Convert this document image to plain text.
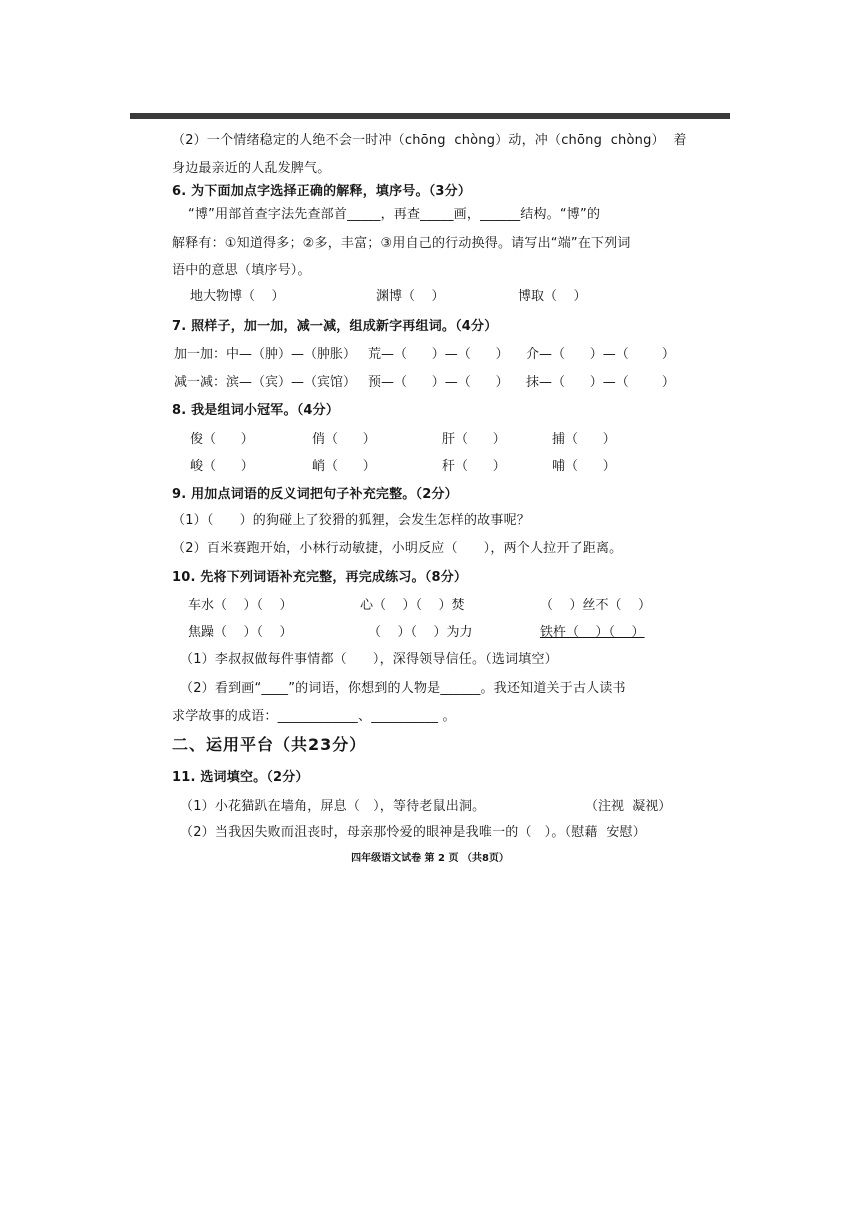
（2）一个情绪稳定的人绝不会一时冲（chōng  chòng）动，冲（chōng  chòng）  着
身边最亲近的人乱发脾气。
6. 为下面加点字选择正确的解释，填序号。（3分）
“博”用部首查字法先查部首_____，再查_____画，______结构。“博”的
解释有：①知道得多；②多，丰富；③用自己的行动换得。请写出“端”在下列词
语中的意思（填序号）。
地大物博（    ）	渊博（    ）	博取（    ）
7. 照样子，加一加，减一减，组成新字再组词。（4分）
加一加：中—（肿）—（肿胀） 荒—（      ）—（      ） 介—（      ）—（        ）
减一减：滨—（宾）—（宾馆） 预—（      ）—（      ） 抹—（      ）—（        ）
8. 我是组词小冠军。（4分）
俊（      ）	俏（      ）	肝（      ）	捕（      ）
峻（      ）	峭（      ）	秆（      ）	哺（      ）
9. 用加点词语的反义词把句子补充完整。（2分）
（1）（      ）的狗碰上了狡猾的狐狸，会发生怎样的故事呢？
（2）百米赛跑开始，小林行动敏捷，小明反应（      ），两个人拉开了距离。
10. 先将下列词语补充完整，再完成练习。（8分）
车水（    ）（    ）	心（    ）（    ）焚	（    ）丝不（    ）
焦躁（    ）（    ）	（    ）（    ）为力	铁杵（    ）（    ）
（1）李叔叔做每件事情都（      ），深得领导信任。（选词填空）
（2）看到画“____”的词语，你想到的人物是______。我还知道关于古人读书
求学故事的成语：____________、__________ 。
二、运用平台（共23分）
11. 选词填空。（2分）
（1）小花猫趴在墙角，屏息（   ），等待老鼠出洞。	（注视  凝视）
（2）当我因失败而沮丧时，母亲那怜爱的眼神是我唯一的（   ）。（慰藉  安慰）
四年级语文试卷 第 2 页 （共8页）
